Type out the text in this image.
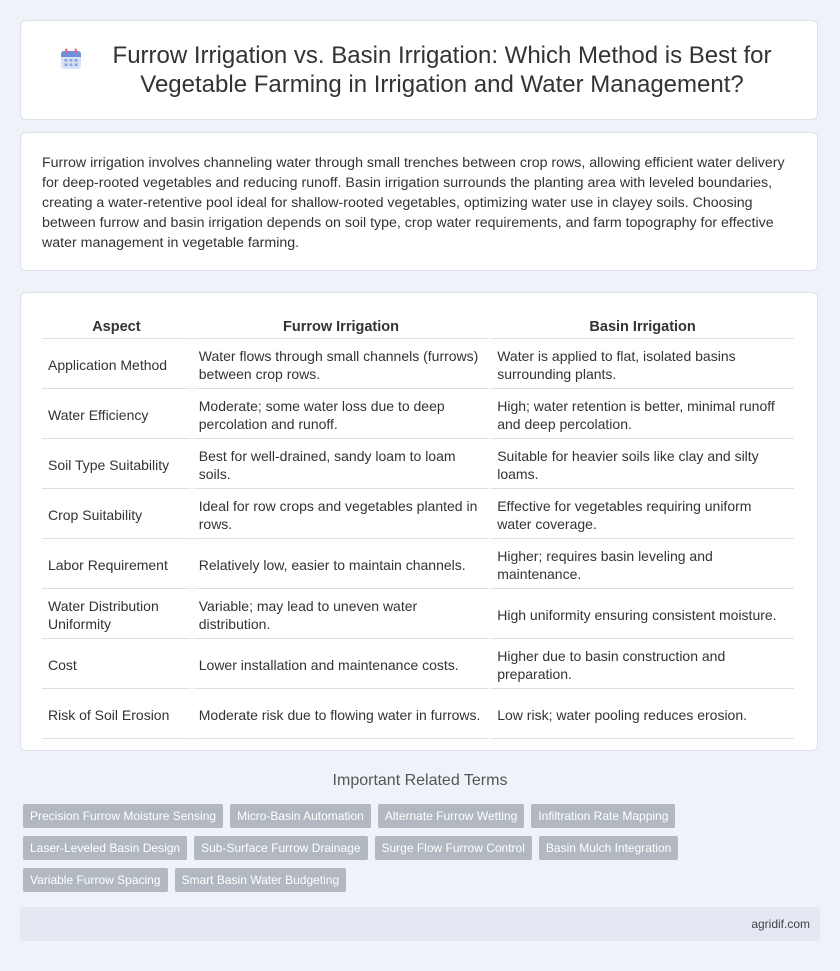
Furrow Irrigation vs. Basin Irrigation: Which Method is Best for Vegetable Farming in Irrigation and Water Management?

Furrow irrigation involves channeling water through small trenches between crop rows, allowing efficient water delivery for deep-rooted vegetables and reducing runoff. Basin irrigation surrounds the planting area with leveled boundaries, creating a water-retentive pool ideal for shallow-rooted vegetables, optimizing water use in clayey soils. Choosing between furrow and basin irrigation depends on soil type, crop water requirements, and farm topography for effective water management in vegetable farming.

Aspect	Furrow Irrigation	Basin Irrigation
Application Method	Water flows through small channels (furrows) between crop rows.	Water is applied to flat, isolated basins surrounding plants.
Water Efficiency	Moderate; some water loss due to deep percolation and runoff.	High; water retention is better, minimal runoff and deep percolation.
Soil Type Suitability	Best for well-drained, sandy loam to loam soils.	Suitable for heavier soils like clay and silty loams.
Crop Suitability	Ideal for row crops and vegetables planted in rows.	Effective for vegetables requiring uniform water coverage.
Labor Requirement	Relatively low, easier to maintain channels.	Higher; requires basin leveling and maintenance.
Water Distribution Uniformity	Variable; may lead to uneven water distribution.	High uniformity ensuring consistent moisture.
Cost	Lower installation and maintenance costs.	Higher due to basin construction and preparation.
Risk of Soil Erosion	Moderate risk due to flowing water in furrows.	Low risk; water pooling reduces erosion.
Important Related Terms
Precision Furrow Moisture Sensing	Micro-Basin Automation	Alternate Furrow Wetting	Infiltration Rate Mapping
Laser-Leveled Basin Design	Sub-Surface Furrow Drainage	Surge Flow Furrow Control	Basin Mulch Integration
Variable Furrow Spacing	Smart Basin Water Budgeting
agridif.com
